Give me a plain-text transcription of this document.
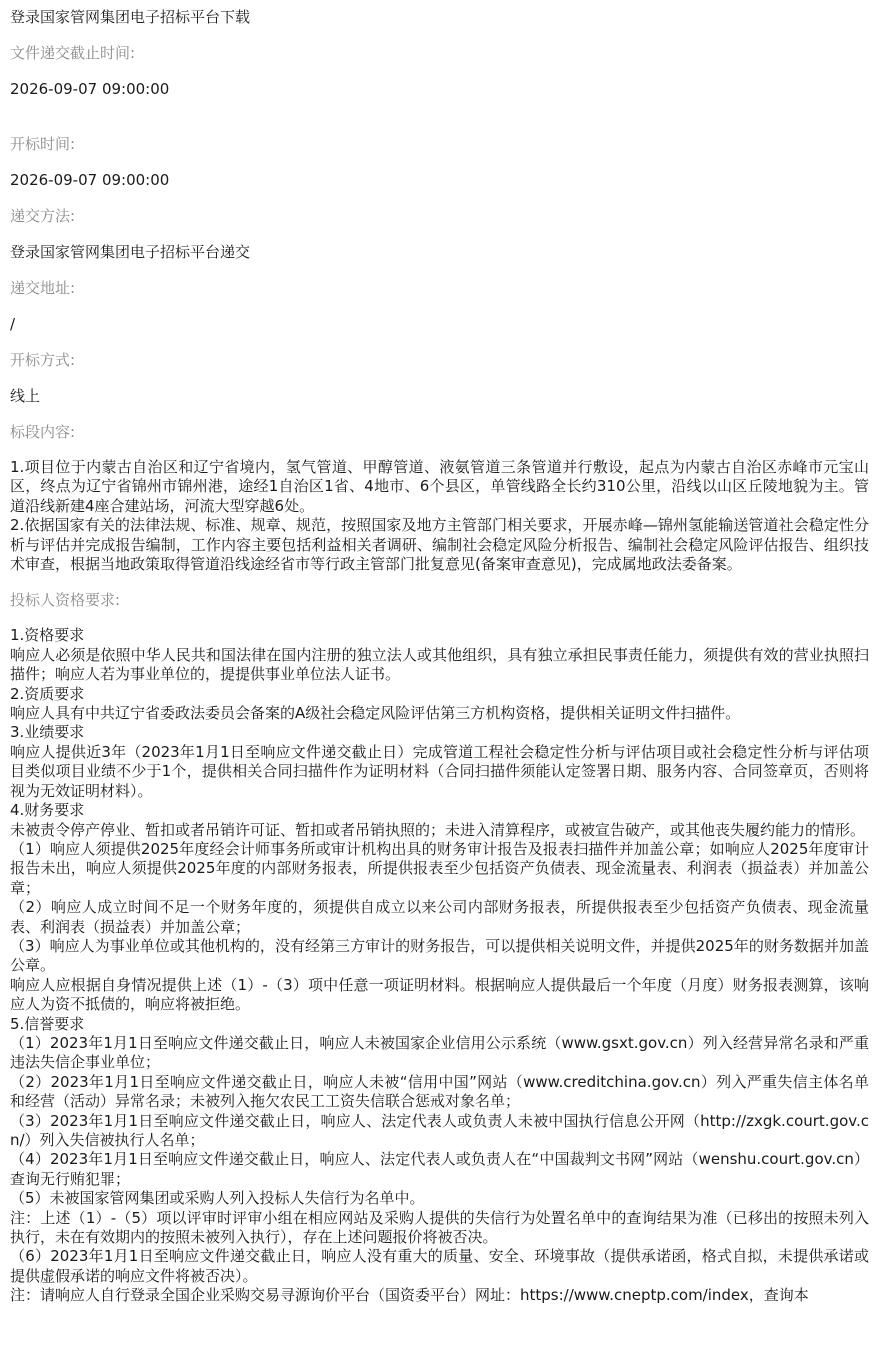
登录国家管网集团电子招标平台下载
文件递交截止时间:
2026-09-07 09:00:00
开标时间:
2026-09-07 09:00:00
递交方法:
登录国家管网集团电子招标平台递交
递交地址:
/
开标方式:
线上
标段内容:

1.项目位于内蒙古自治区和辽宁省境内，氢气管道、甲醇管道、液氨管道三条管道并行敷设，起点为内蒙古自治区赤峰市元宝山区，终点为辽宁省锦州市锦州港，途经1自治区1省、4地市、6个县区，单管线路全长约310公里，沿线以山区丘陵地貌为主。管道沿线新建4座合建站场，河流大型穿越6处。

2.依据国家有关的法律法规、标准、规章、规范，按照国家及地方主管部门相关要求，开展赤峰—锦州氢能输送管道社会稳定性分析与评估并完成报告编制，工作内容主要包括利益相关者调研、编制社会稳定风险分析报告、编制社会稳定风险评估报告、组织技术审查，根据当地政策取得管道沿线途经省市等行政主管部门批复意见(备案审查意见)，完成属地政法委备案。

投标人资格要求:

1.资格要求

响应人必须是依照中华人民共和国法律在国内注册的独立法人或其他组织，具有独立承担民事责任能力，须提供有效的营业执照扫描件；响应人若为事业单位的，提提供事业单位法人证书。

2.资质要求

响应人具有中共辽宁省委政法委员会备案的A级社会稳定风险评估第三方机构资格，提供相关证明文件扫描件。

3.业绩要求

响应人提供近3年（2023年1月1日至响应文件递交截止日）完成管道工程社会稳定性分析与评估项目或社会稳定性分析与评估项目类似项目业绩不少于1个，提供相关合同扫描件作为证明材料（合同扫描件须能认定签署日期、服务内容、合同签章页，否则将视为无效证明材料）。

4.财务要求

未被责令停产停业、暂扣或者吊销许可证、暂扣或者吊销执照的；未进入清算程序，或被宣告破产，或其他丧失履约能力的情形。

（1）响应人须提供2025年度经会计师事务所或审计机构出具的财务审计报告及报表扫描件并加盖公章；如响应人2025年度审计报告未出，响应人须提供2025年度的内部财务报表，所提供报表至少包括资产负债表、现金流量表、利润表（损益表）并加盖公章；

（2）响应人成立时间不足一个财务年度的，须提供自成立以来公司内部财务报表，所提供报表至少包括资产负债表、现金流量表、利润表（损益表）并加盖公章；

（3）响应人为事业单位或其他机构的，没有经第三方审计的财务报告，可以提供相关说明文件，并提供2025年的财务数据并加盖公章。

响应人应根据自身情况提供上述（1）-（3）项中任意一项证明材料。根据响应人提供最后一个年度（月度）财务报表测算，该响应人为资不抵债的，响应将被拒绝。

5.信誉要求

（1）2023年1月1日至响应文件递交截止日，响应人未被国家企业信用公示系统（www.gsxt.gov.cn）列入经营异常名录和严重违法失信企事业单位；

（2）2023年1月1日至响应文件递交截止日，响应人未被“信用中国”网站（www.creditchina.gov.cn）列入严重失信主体名单和经营（活动）异常名录；未被列入拖欠农民工工资失信联合惩戒对象名单；

（3）2023年1月1日至响应文件递交截止日，响应人、法定代表人或负责人未被中国执行信息公开网（http://zxgk.court.gov.cn/）列入失信被执行人名单；

（4）2023年1月1日至响应文件递交截止日，响应人、法定代表人或负责人在“中国裁判文书网”网站（wenshu.court.gov.cn）查询无行贿犯罪；

（5）未被国家管网集团或采购人列入投标人失信行为名单中。

注：上述（1）-（5）项以评审时评审小组在相应网站及采购人提供的失信行为处置名单中的查询结果为准（已移出的按照未列入执行，未在有效期内的按照未被列入执行），存在上述问题报价将被否决。

（6）2023年1月1日至响应文件递交截止日，响应人没有重大的质量、安全、环境事故（提供承诺函，格式自拟，未提供承诺或提供虚假承诺的响应文件将被否决）。

注：请响应人自行登录全国企业采购交易寻源询价平台（国资委平台）网址：https://www.cneptp.com/index，查询本
